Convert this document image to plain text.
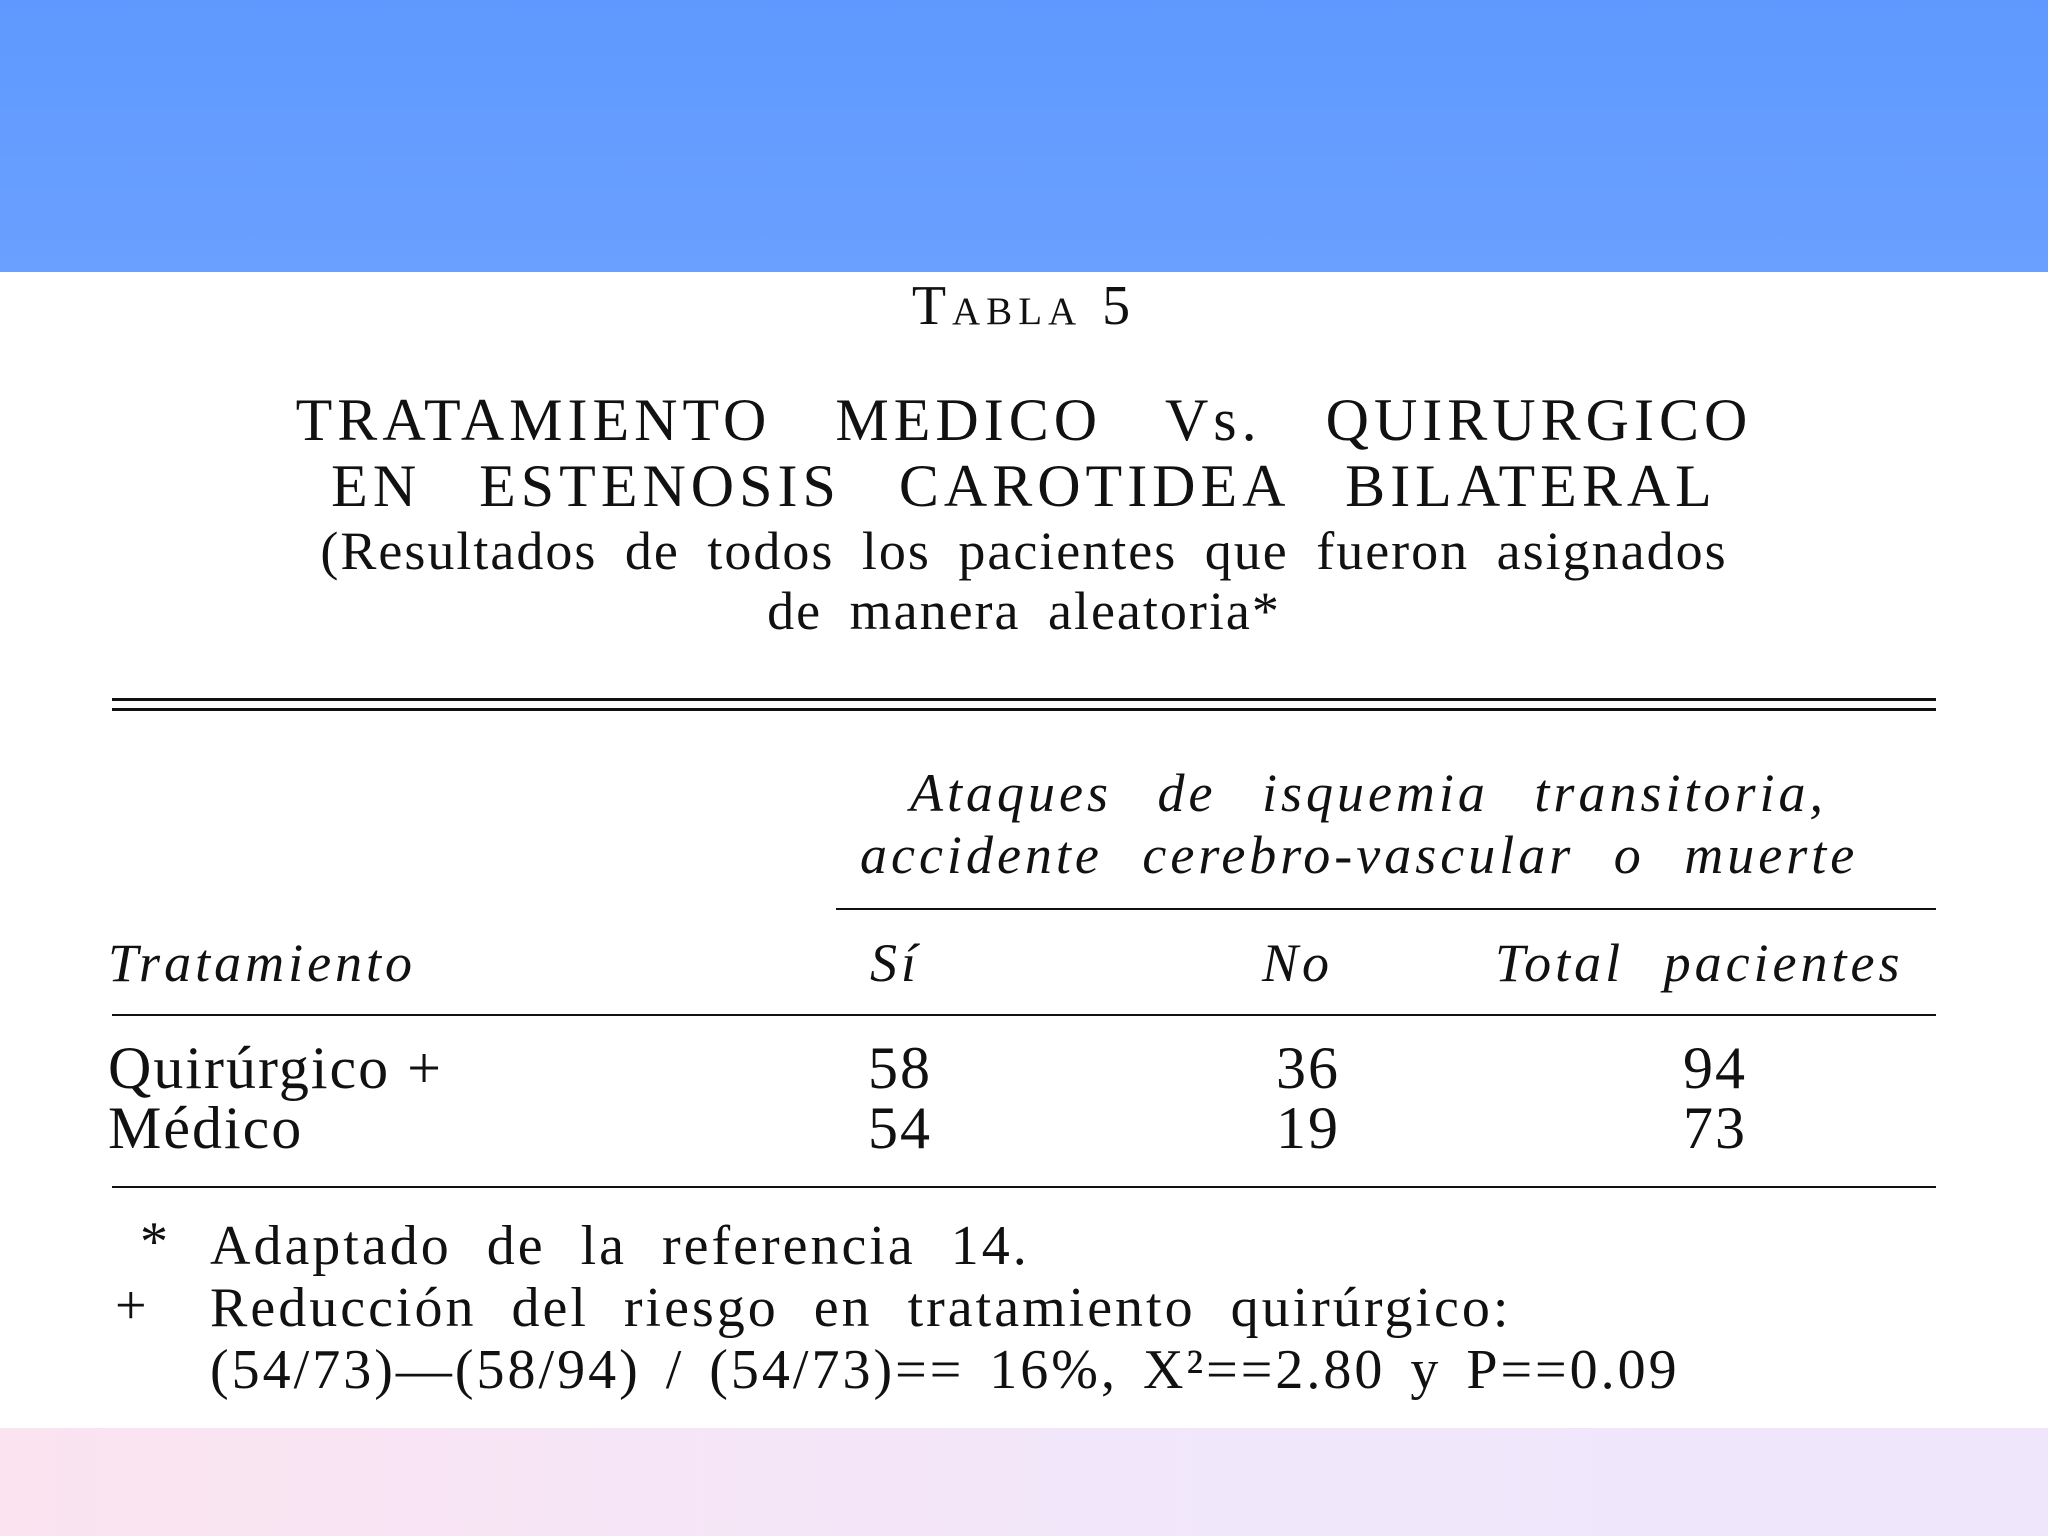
Tabla 5
TRATAMIENTO MEDICO Vs. QUIRURGICO
EN ESTENOSIS CAROTIDEA BILATERAL
(Resultados de todos los pacientes que fueron asignados
de manera aleatoria*
Ataques de isquemia transitoria,
accidente cerebro-vascular o muerte
Tratamiento	Sí	No	Total pacientes
Quirúrgico +	58	36	94
Médico	54	19	73
* Adaptado de la referencia 14.
+ Reducción del riesgo en tratamiento quirúrgico:
(54/73)—(58/94) / (54/73)== 16%, X²==2.80 y P==0.09
